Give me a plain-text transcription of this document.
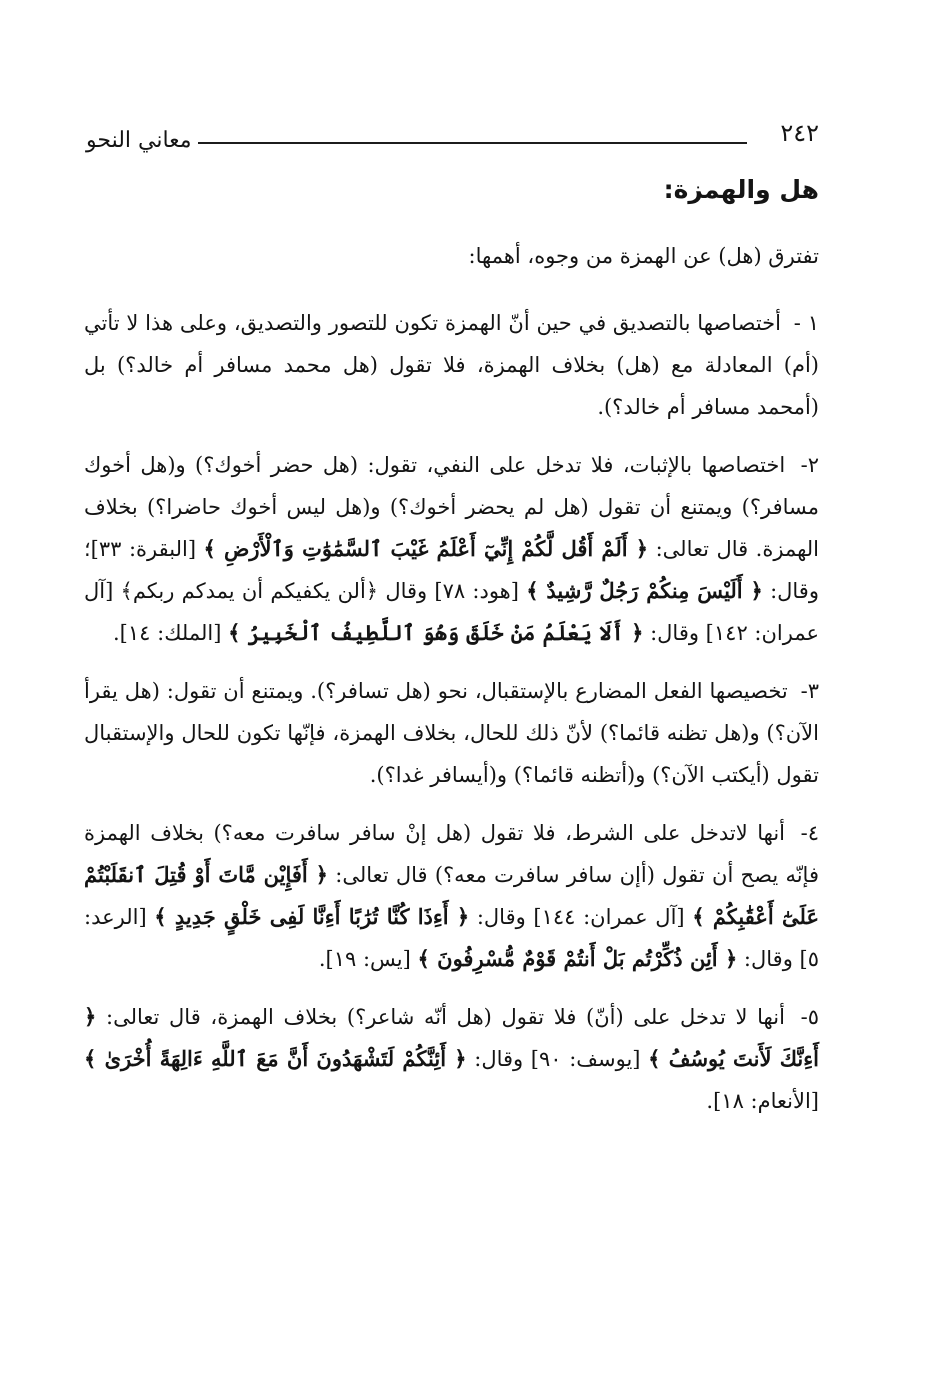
٢٤٢
معاني النحو
هل والهمزة:

تفترق (هل) عن الهمزة من وجوه، أهمها:

١ - أختصاصها بالتصديق في حين أنّ الهمزة تكون للتصور والتصديق، وعلى هذا لا تأتي (أم) المعادلة مع (هل) بخلاف الهمزة، فلا تقول (هل محمد مسافر أم خالد؟) بل (أمحمد مسافر أم خالد؟).

٢- اختصاصها بالإثبات، فلا تدخل على النفي، تقول: (هل حضر أخوك؟) و(هل أخوك مسافر؟) ويمتنع أن تقول (هل لم يحضر أخوك؟) و(هل ليس أخوك حاضرا؟) بخلاف الهمزة. قال تعالى: ﴿ أَلَمْ أَقُل لَّكُمْ إِنِّيٓ أَعْلَمُ غَيْبَ ٱلسَّمَٰوَٰتِ وَٱلْأَرْضِ ﴾ [البقرة: ٣٣]؛ وقال: ﴿ أَلَيْسَ مِنكُمْ رَجُلٌ رَّشِيدٌ ﴾ [هود: ٧٨] وقال ﴿ألن يكفيكم أن يمدكم ربكم﴾ [آل عمران: ١٤٢] وقال: ﴿ أَلَا يَعْلَمُ مَنْ خَلَقَ وَهُوَ ٱللَّطِيفُ ٱلْخَبِيرُ ﴾ [الملك: ١٤].

٣- تخصيصها الفعل المضارع بالإستقبال، نحو (هل تسافر؟). ويمتنع أن تقول: (هل يقرأ الآن؟) و(هل تظنه قائما؟) لأنّ ذلك للحال، بخلاف الهمزة، فإنّها تكون للحال والإستقبال تقول (أيكتب الآن؟) و(أتظنه قائما؟) و(أيسافر غدا؟).

٤- أنها لاتدخل على الشرط، فلا تقول (هل إنْ سافر سافرت معه؟) بخلاف الهمزة فإنّه يصح أن تقول (أإن سافر سافرت معه؟) قال تعالى: ﴿ أَفَإِيْن مَّاتَ أَوْ قُتِلَ ٱنقَلَبْتُمْ عَلَىٰٓ أَعْقَٰبِكُمْ ﴾ [آل عمران: ١٤٤] وقال: ﴿ أَءِذَا كُنَّا تُرَٰبًا أَءِنَّا لَفِى خَلْقٍ جَدِيدٍ ﴾ [الرعد: ٥] وقال: ﴿ أَئِن ذُكِّرْتُم بَلْ أَنتُمْ قَوْمٌ مُّسْرِفُونَ ﴾ [يس: ١٩].

٥- أنها لا تدخل على (أنّ) فلا تقول (هل أنّه شاعر؟) بخلاف الهمزة، قال تعالى: ﴿ أَءِنَّكَ لَأَنتَ يُوسُفُ ﴾ [يوسف: ٩٠] وقال: ﴿ أَئِنَّكُمْ لَتَشْهَدُونَ أَنَّ مَعَ ٱللَّهِ ءَالِهَةً أُخْرَىٰ ﴾ [الأنعام: ١٨].
